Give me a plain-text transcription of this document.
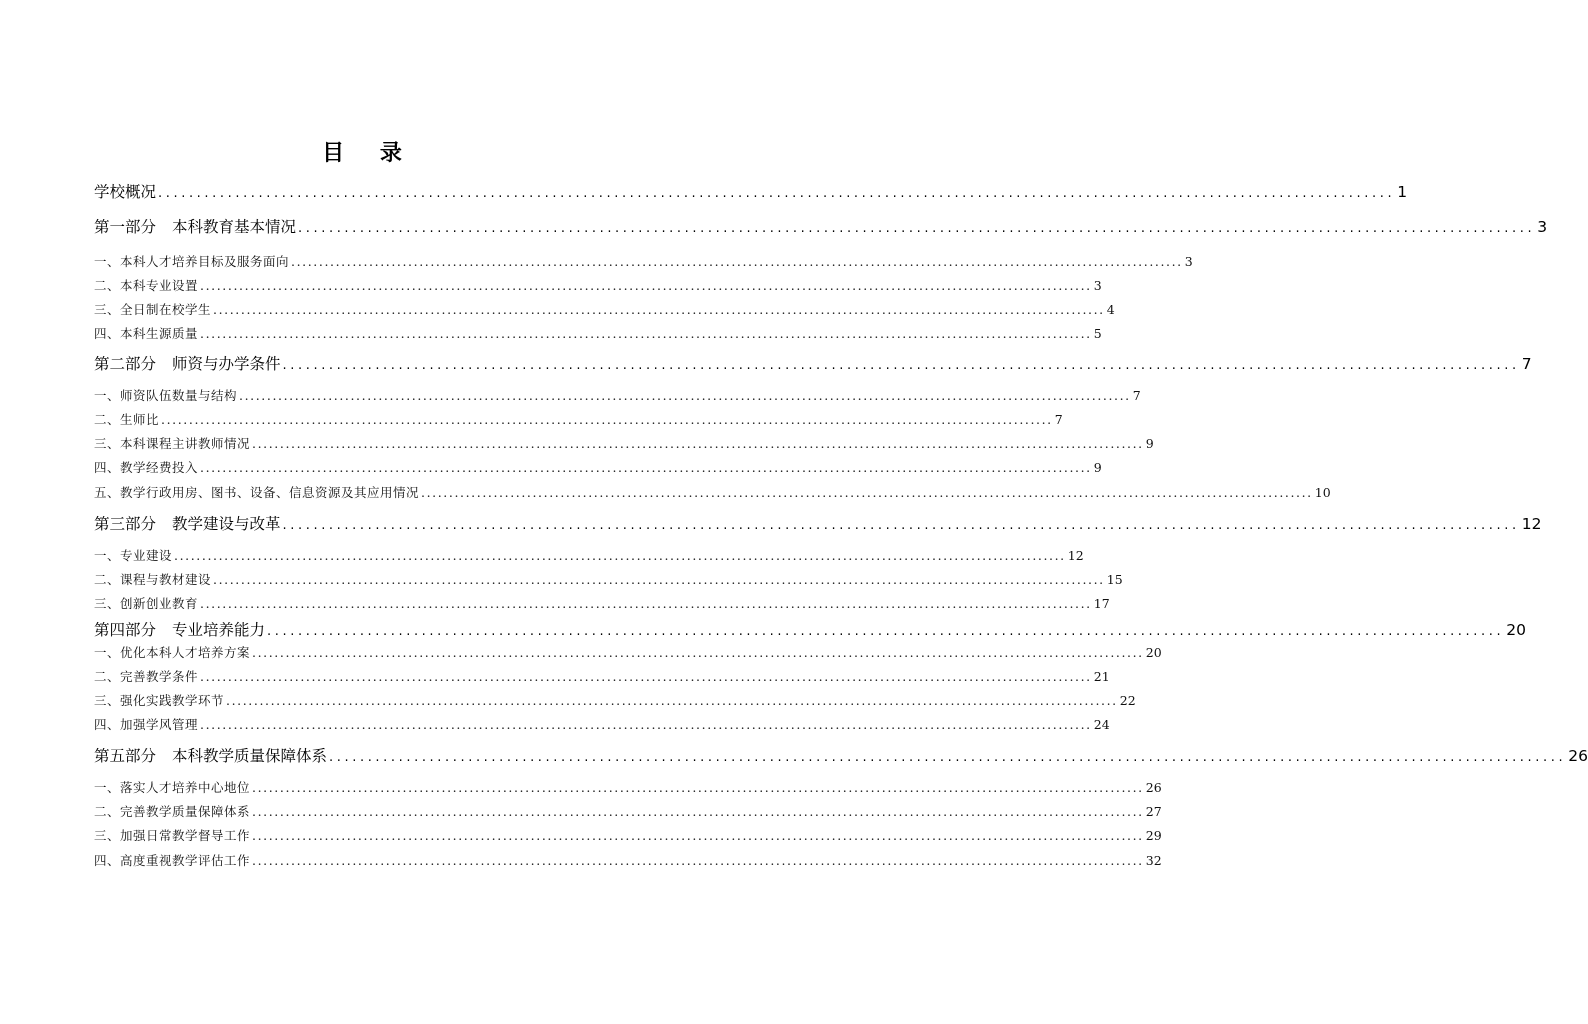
目 录
学校概况 ................................................................................................................................................................ 1
第一部分 本科教育基本情况 ................................................................................................................................................................ 3
一、本科人才培养目标及服务面向 ................................................................................................................................................................ 3
二、本科专业设置 ................................................................................................................................................................ 3
三、全日制在校学生 ................................................................................................................................................................ 4
四、本科生源质量 ................................................................................................................................................................ 5
第二部分 师资与办学条件 ................................................................................................................................................................ 7
一、师资队伍数量与结构 ................................................................................................................................................................ 7
二、生师比 ................................................................................................................................................................ 7
三、本科课程主讲教师情况 ................................................................................................................................................................ 9
四、教学经费投入 ................................................................................................................................................................ 9
五、教学行政用房、图书、设备、信息资源及其应用情况 ................................................................................................................................................................ 10
第三部分 教学建设与改革 ................................................................................................................................................................ 12
一、专业建设 ................................................................................................................................................................ 12
二、课程与教材建设 ................................................................................................................................................................ 15
三、创新创业教育 ................................................................................................................................................................ 17
第四部分 专业培养能力 ................................................................................................................................................................ 20
一、优化本科人才培养方案 ................................................................................................................................................................ 20
二、完善教学条件 ................................................................................................................................................................ 21
三、强化实践教学环节 ................................................................................................................................................................ 22
四、加强学风管理 ................................................................................................................................................................ 24
第五部分 本科教学质量保障体系 ................................................................................................................................................................ 26
一、落实人才培养中心地位 ................................................................................................................................................................ 26
二、完善教学质量保障体系 ................................................................................................................................................................ 27
三、加强日常教学督导工作 ................................................................................................................................................................ 29
四、高度重视教学评估工作 ................................................................................................................................................................ 32
